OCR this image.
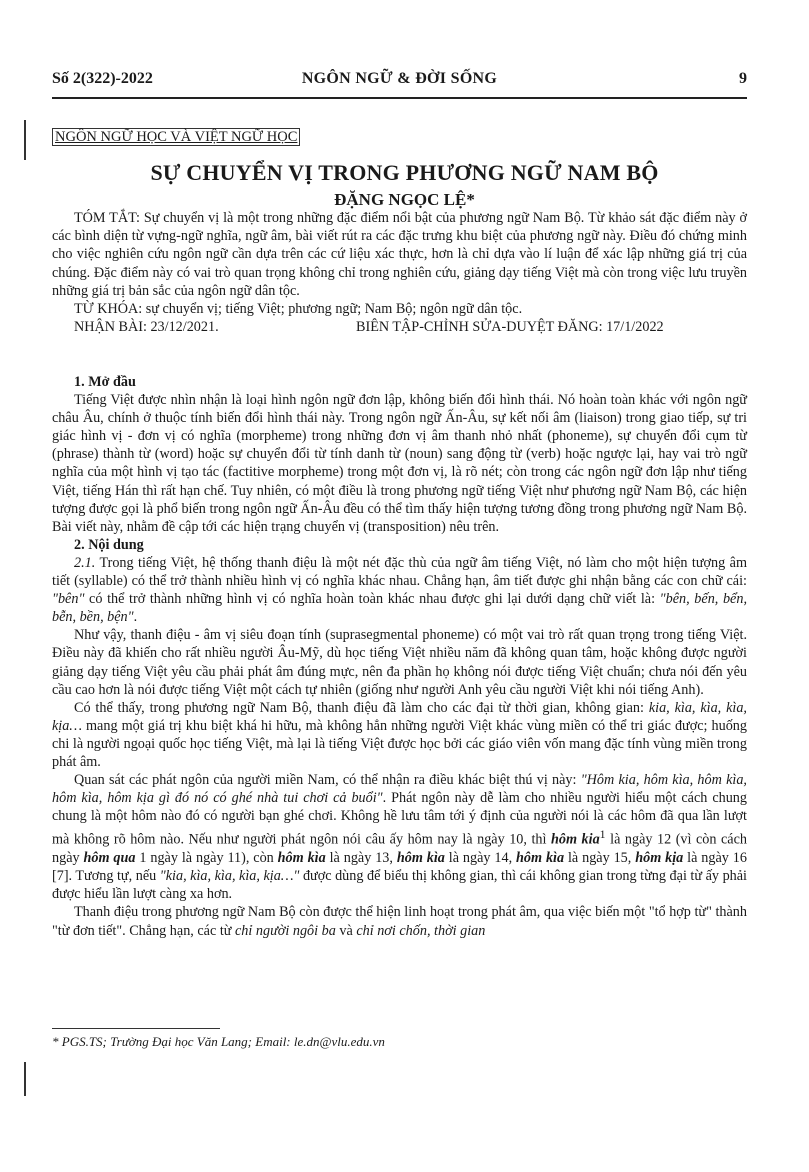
Số 2(322)-2022	NGÔN NGỮ & ĐỜI SỐNG	9
NGÔN NGỮ HỌC VÀ VIỆT NGỮ HỌC
SỰ CHUYỂN VỊ TRONG PHƯƠNG NGỮ NAM BỘ
ĐẶNG NGỌC LỆ*

TÓM TẮT: Sự chuyển vị là một trong những đặc điểm nổi bật của phương ngữ Nam Bộ. Từ khảo sát đặc điểm này ở các bình diện từ vựng-ngữ nghĩa, ngữ âm, bài viết rút ra các đặc trưng khu biệt của phương ngữ này. Điều đó chứng minh cho việc nghiên cứu ngôn ngữ cần dựa trên các cứ liệu xác thực, hơn là chỉ dựa vào lí luận để xác lập những giá trị của chúng. Đặc điểm này có vai trò quan trọng không chỉ trong nghiên cứu, giảng dạy tiếng Việt mà còn trong việc lưu truyền những giá trị bản sắc của ngôn ngữ dân tộc.

TỪ KHÓA: sự chuyển vị; tiếng Việt; phương ngữ; Nam Bộ; ngôn ngữ dân tộc.

NHẬN BÀI: 23/12/2021.	BIÊN TẬP-CHỈNH SỬA-DUYỆT ĐĂNG: 17/1/2022
1. Mở đầu

Tiếng Việt được nhìn nhận là loại hình ngôn ngữ đơn lập, không biến đổi hình thái. Nó hoàn toàn khác với ngôn ngữ châu Âu, chính ở thuộc tính biến đổi hình thái này. Trong ngôn ngữ Ấn-Âu, sự kết nối âm (liaison) trong giao tiếp, sự tri giác hình vị - đơn vị có nghĩa (morpheme) trong những đơn vị âm thanh nhỏ nhất (phoneme), sự chuyển đổi cụm từ (phrase) thành từ (word) hoặc sự chuyển đổi từ tính danh từ (noun) sang động từ (verb) hoặc ngược lại, hay vai trò ngữ nghĩa của một hình vị tạo tác (factitive morpheme) trong một đơn vị, là rõ nét; còn trong các ngôn ngữ đơn lập như tiếng Việt, tiếng Hán thì rất hạn chế. Tuy nhiên, có một điều là trong phương ngữ tiếng Việt như phương ngữ Nam Bộ, các hiện tượng được gọi là phổ biến trong ngôn ngữ Ấn-Âu đều có thể tìm thấy hiện tượng tương đồng trong phương ngữ Nam Bộ. Bài viết này, nhằm đề cập tới các hiện trạng chuyển vị (transposition) nêu trên.

2. Nội dung

2.1. Trong tiếng Việt, hệ thống thanh điệu là một nét đặc thù của ngữ âm tiếng Việt, nó làm cho một hiện tượng âm tiết (syllable) có thể trở thành nhiều hình vị có nghĩa khác nhau. Chẳng hạn, âm tiết được ghi nhận bằng các con chữ cái: "bên" có thể trở thành những hình vị có nghĩa hoàn toàn khác nhau được ghi lại dưới dạng chữ viết là: "bên, bến, bển, bễn, bền, bện".

Như vậy, thanh điệu - âm vị siêu đoạn tính (suprasegmental phoneme) có một vai trò rất quan trọng trong tiếng Việt. Điều này đã khiến cho rất nhiều người Âu-Mỹ, dù học tiếng Việt nhiều năm đã không quan tâm, hoặc không được người giảng dạy tiếng Việt yêu cầu phải phát âm đúng mực, nên đa phần họ không nói được tiếng Việt chuẩn; chưa nói đến yêu cầu cao hơn là nói được tiếng Việt một cách tự nhiên (giống như người Anh yêu cầu người Việt khi nói tiếng Anh).

Có thể thấy, trong phương ngữ Nam Bộ, thanh điệu đã làm cho các đại từ thời gian, không gian: kia, kìa, kìa, kìa, kịa… mang một giá trị khu biệt khá hi hữu, mà không hẳn những người Việt khác vùng miền có thể tri giác được; huống chi là người ngoại quốc học tiếng Việt, mà lại là tiếng Việt được học bởi các giáo viên vốn mang đặc tính vùng miền trong phát âm.

Quan sát các phát ngôn của người miền Nam, có thể nhận ra điều khác biệt thú vị này: "Hôm kia, hôm kìa, hôm kìa, hôm kìa, hôm kịa gì đó nó có ghé nhà tui chơi cả buổi". Phát ngôn này dễ làm cho nhiều người hiểu một cách chung chung là một hôm nào đó có người bạn ghé chơi. Không hề lưu tâm tới ý định của người nói là các hôm đã qua lần lượt mà không rõ hôm nào. Nếu như người phát ngôn nói câu ấy hôm nay là ngày 10, thì hôm kia$^1$ là ngày 12 (vì còn cách ngày hôm qua 1 ngày là ngày 11), còn hôm kìa là ngày 13, hôm kìa là ngày 14, hôm kìa là ngày 15, hôm kịa là ngày 16 [7]. Tương tự, nếu "kia, kìa, kìa, kìa, kịa…" được dùng để biểu thị không gian, thì cái không gian trong từng đại từ ấy phải được hiểu lần lượt càng xa hơn.

Thanh điệu trong phương ngữ Nam Bộ còn được thể hiện linh hoạt trong phát âm, qua việc biến một "tổ hợp từ" thành "từ đơn tiết". Chẳng hạn, các từ chỉ người ngôi ba và chỉ nơi chốn, thời gian

* PGS.TS; Trường Đại học Văn Lang; Email: le.dn@vlu.edu.vn
